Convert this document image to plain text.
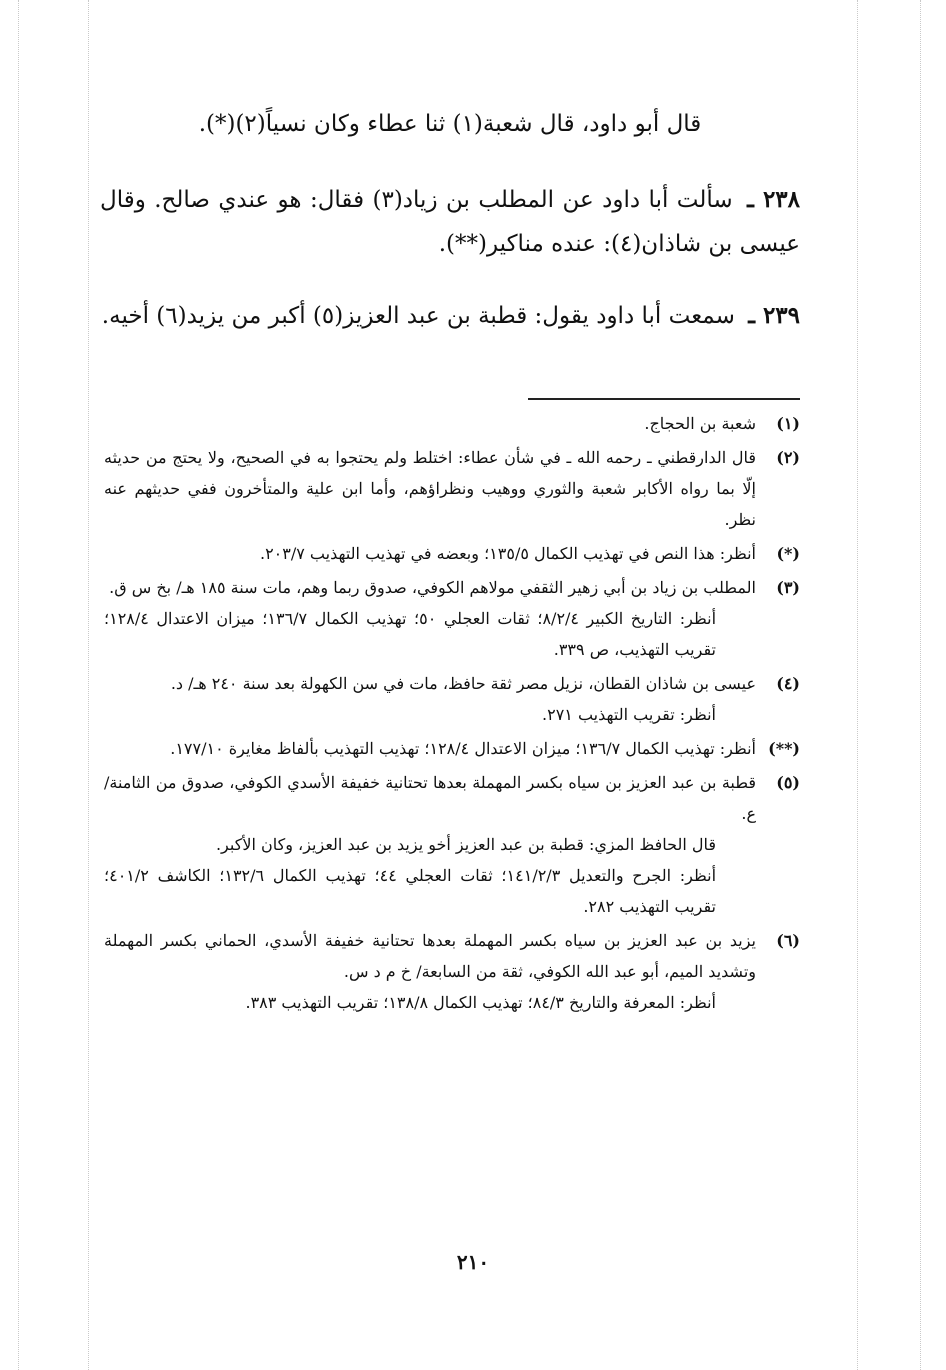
قال أبو داود، قال شعبة(١) ثنا عطاء وكان نسياً(٢)(*).
٢٣٨ ـ سألت أبا داود عن المطلب بن زياد(٣) فقال: هو عندي صالح. وقال عيسى بن شاذان(٤): عنده مناكير(**).
٢٣٩ ـ سمعت أبا داود يقول: قطبة بن عبد العزيز(٥) أكبر من يزيد(٦) أخيه.
(١)
شعبة بن الحجاج.
(٢)
قال الدارقطني ـ رحمه الله ـ في شأن عطاء: اختلط ولم يحتجوا به في الصحيح، ولا يحتج من حديثه إلّا بما رواه الأكابر شعبة والثوري ووهيب ونظراؤهم، وأما ابن علية والمتأخرون ففي حديثهم عنه نظر.
(*)
أنظر: هذا النص في تهذيب الكمال ١٣٥/٥؛ وبعضه في تهذيب التهذيب ٢٠٣/٧.
(٣)
المطلب بن زياد بن أبي زهير الثقفي مولاهم الكوفي، صدوق ربما وهم، مات سنة ١٨٥ هـ/ بخ س ق.
أنظر: التاريخ الكبير ٨/٢/٤؛ ثقات العجلي ٥٠؛ تهذيب الكمال ١٣٦/٧؛ ميزان الاعتدال ١٢٨/٤؛ تقريب التهذيب، ص ٣٣٩.
(٤)
عيسى بن شاذان القطان، نزيل مصر ثقة حافظ، مات في سن الكهولة بعد سنة ٢٤٠ هـ/ د.
أنظر: تقريب التهذيب ٢٧١.
(**)
أنظر: تهذيب الكمال ١٣٦/٧؛ ميزان الاعتدال ١٢٨/٤؛ تهذيب التهذيب بألفاظ مغايرة ١٧٧/١٠.
(٥)
قطبة بن عبد العزيز بن سياه بكسر المهملة بعدها تحتانية خفيفة الأسدي الكوفي، صدوق من الثامنة/ ع.
قال الحافظ المزي: قطبة بن عبد العزيز أخو يزيد بن عبد العزيز، وكان الأكبر.
أنظر: الجرح والتعديل ١٤١/٢/٣؛ ثقات العجلي ٤٤؛ تهذيب الكمال ١٣٢/٦؛ الكاشف ٤٠١/٢؛ تقريب التهذيب ٢٨٢.
(٦)
يزيد بن عبد العزيز بن سياه بكسر المهملة بعدها تحتانية خفيفة الأسدي، الحماني بكسر المهملة وتشديد الميم، أبو عبد الله الكوفي، ثقة من السابعة/ خ م د س.
أنظر: المعرفة والتاريخ ٨٤/٣؛ تهذيب الكمال ١٣٨/٨؛ تقريب التهذيب ٣٨٣.
٢١٠
